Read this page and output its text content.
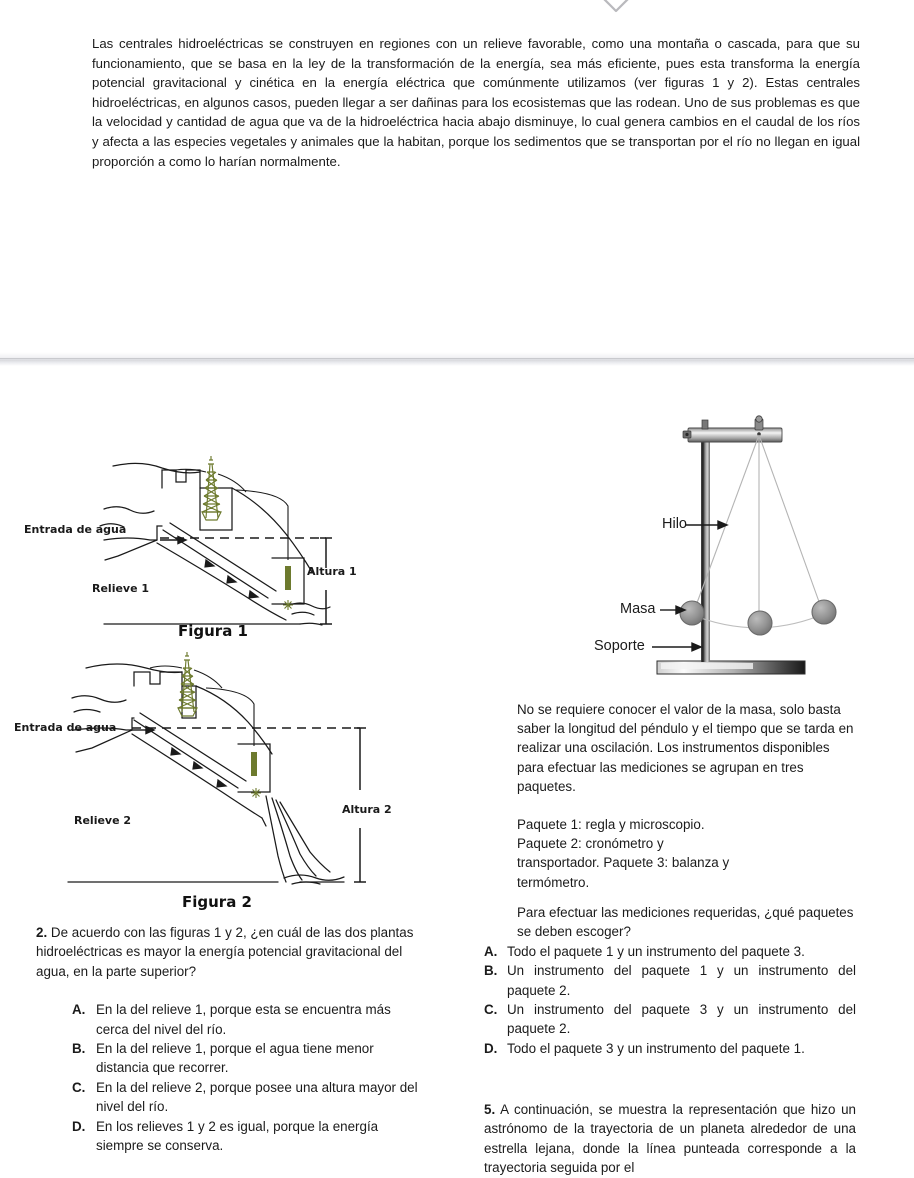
Las centrales hidroeléctricas se construyen en regiones con un relieve favorable, como una montaña o cascada, para que su funcionamiento, que se basa en la ley de la transformación de la energía, sea más eficiente, pues esta transforma la energía potencial gravitacional y cinética en la energía eléctrica que comúnmente utilizamos (ver figuras 1 y 2). Estas centrales hidroeléctricas, en algunos casos, pueden llegar a ser dañinas para los ecosistemas que las rodean. Uno de sus problemas es que la velocidad y cantidad de agua que va de la hidroeléctrica hacia abajo disminuye, lo cual genera cambios en el caudal de los ríos y afecta a las especies vegetales y animales que la habitan, porque los sedimentos que se transportan por el río no llegan en igual proporción a como lo harían normalmente.
Entrada de agua
Relieve 1
Altura 1
Figura 1
Entrada de agua
Relieve 2
Altura 2
Figura 2
Hilo
Masa
Soporte

No se requiere conocer el valor de la masa, solo basta saber la longitud del péndulo y el tiempo que se tarda en realizar una oscilación. Los instrumentos disponibles para efectuar las mediciones se agrupan en tres paquetes.

Paquete 1: regla y microscopio.

Paquete 2: cronómetro y

transportador. Paquete 3: balanza y

termómetro.

2. De acuerdo con las figuras 1 y 2, ¿en cuál de las dos plantas hidroeléctricas es mayor la energía potencial gravitacional del agua, en la parte superior?
A. En la del relieve 1, porque esta se encuentra más cerca del nivel del río.
B. En la del relieve 1, porque el agua tiene menor distancia que recorrer.
C. En la del relieve 2, porque posee una altura mayor del nivel del río.
D. En los relieves 1 y 2 es igual, porque la energía siempre se conserva.
Para efectuar las mediciones requeridas, ¿qué paquetes se deben escoger?
A. Todo el paquete 1 y un instrumento del paquete 3.
B. Un instrumento del paquete 1 y un instrumento del paquete 2.
C. Un instrumento del paquete 3 y un instrumento del paquete 2.
D. Todo el paquete 3 y un instrumento del paquete 1.
5. A continuación, se muestra la representación que hizo un astrónomo de la trayectoria de un planeta alrededor de una estrella lejana, donde la línea punteada corresponde a la trayectoria seguida por el
